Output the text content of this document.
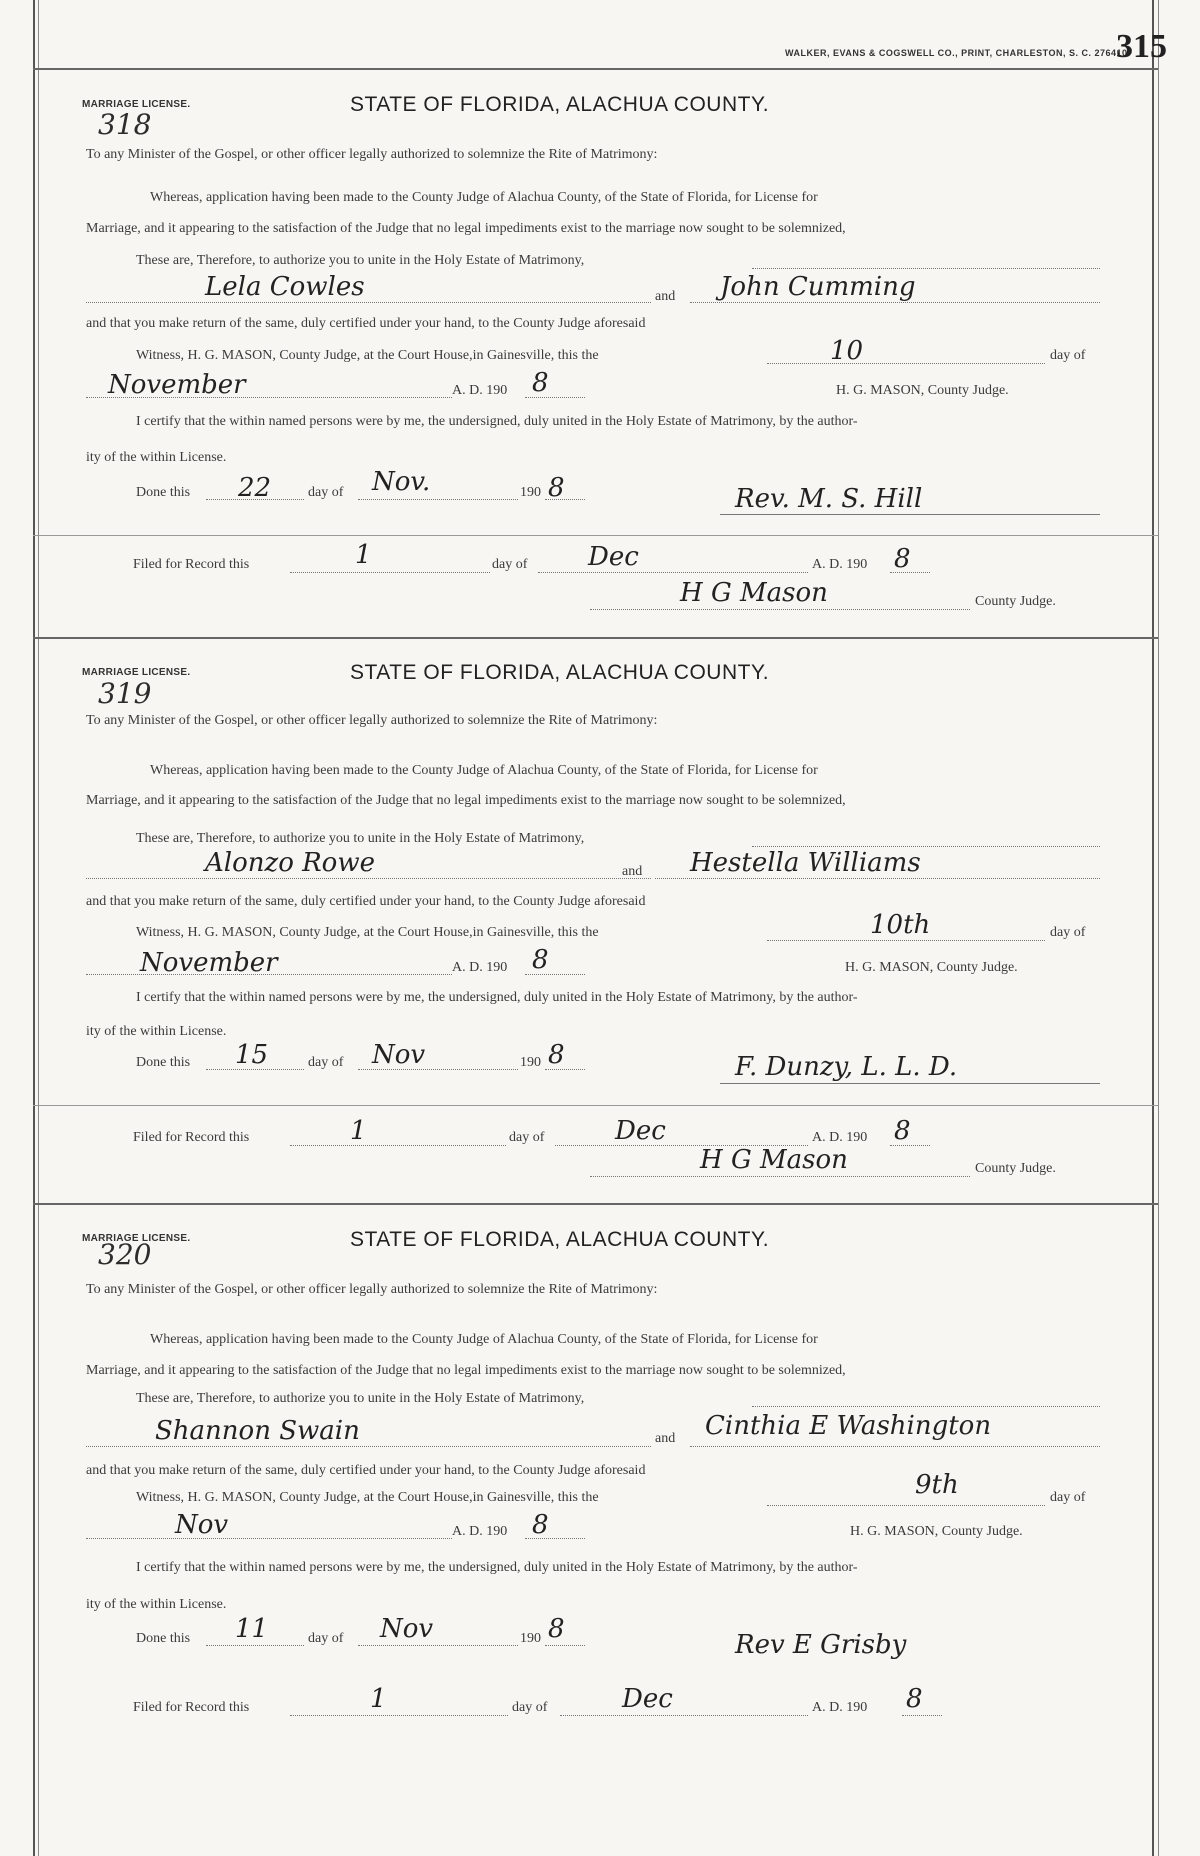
WALKER, EVANS & COGSWELL CO., PRINT, CHARLESTON, S. C. 276410
315
MARRIAGE LICENSE.
318
STATE OF FLORIDA, ALACHUA COUNTY.
To any Minister of the Gospel, or other officer legally authorized to solemnize the Rite of Matrimony:
Whereas, application having been made to the County Judge of Alachua County, of the State of Florida, for License for
Marriage, and it appearing to the satisfaction of the Judge that no legal impediments exist to the marriage now sought to be solemnized,
These are, Therefore, to authorize you to unite in the Holy Estate of Matrimony,
Lela Cowles	and John Cumming
and that you make return of the same, duly certified under your hand, to the County Judge aforesaid
Witness, H. G. MASON, County Judge, at the Court House,in Gainesville, this the	10	day of
November	A. D. 190 8	H. G. MASON, County Judge.
I certify that the within named persons were by me, the undersigned, duly united in the Holy Estate of Matrimony, by the author-
ity of the within License.
Done this 22	day of Nov.	190 8	Rev. M. S. Hill
Filed for Record this	1	day of Dec	A. D. 190 8
H G Mason	County Judge.
MARRIAGE LICENSE.
319
STATE OF FLORIDA, ALACHUA COUNTY.
To any Minister of the Gospel, or other officer legally authorized to solemnize the Rite of Matrimony:
Whereas, application having been made to the County Judge of Alachua County, of the State of Florida, for License for
Marriage, and it appearing to the satisfaction of the Judge that no legal impediments exist to the marriage now sought to be solemnized,
These are, Therefore, to authorize you to unite in the Holy Estate of Matrimony,
Alonzo Rowe	and Hestella Williams
and that you make return of the same, duly certified under your hand, to the County Judge aforesaid
Witness, H. G. MASON, County Judge, at the Court House,in Gainesville, this the	10th	day of
November	A. D. 190 8	H. G. MASON, County Judge.
I certify that the within named persons were by me, the undersigned, duly united in the Holy Estate of Matrimony, by the author-
ity of the within License.
Done this 15	day of Nov	190 8	F. Dunzy, L. L. D.
Filed for Record this	1	day of	Dec	A. D. 190 8
H G Mason	County Judge.
MARRIAGE LICENSE.
320	STATE OF FLORIDA, ALACHUA COUNTY.
To any Minister of the Gospel, or other officer legally authorized to solemnize the Rite of Matrimony:
Whereas, application having been made to the County Judge of Alachua County, of the State of Florida, for License for
Marriage, and it appearing to the satisfaction of the Judge that no legal impediments exist to the marriage now sought to be solemnized,
These are, Therefore, to authorize you to unite in the Holy Estate of Matrimony,
Shannon Swain	and Cinthia E Washington
and that you make return of the same, duly certified under your hand, to the County Judge aforesaid
Witness, H. G. MASON, County Judge, at the Court House,in Gainesville, this the	9th	day of
Nov	A. D. 190 8	H. G. MASON, County Judge.
I certify that the within named persons were by me, the undersigned, duly united in the Holy Estate of Matrimony, by the author-
ity of the within License.
Done this 11	day of Nov	190 8
Rev E Grisby
Filed for Record this	1	day of	Dec	A. D. 190 8
